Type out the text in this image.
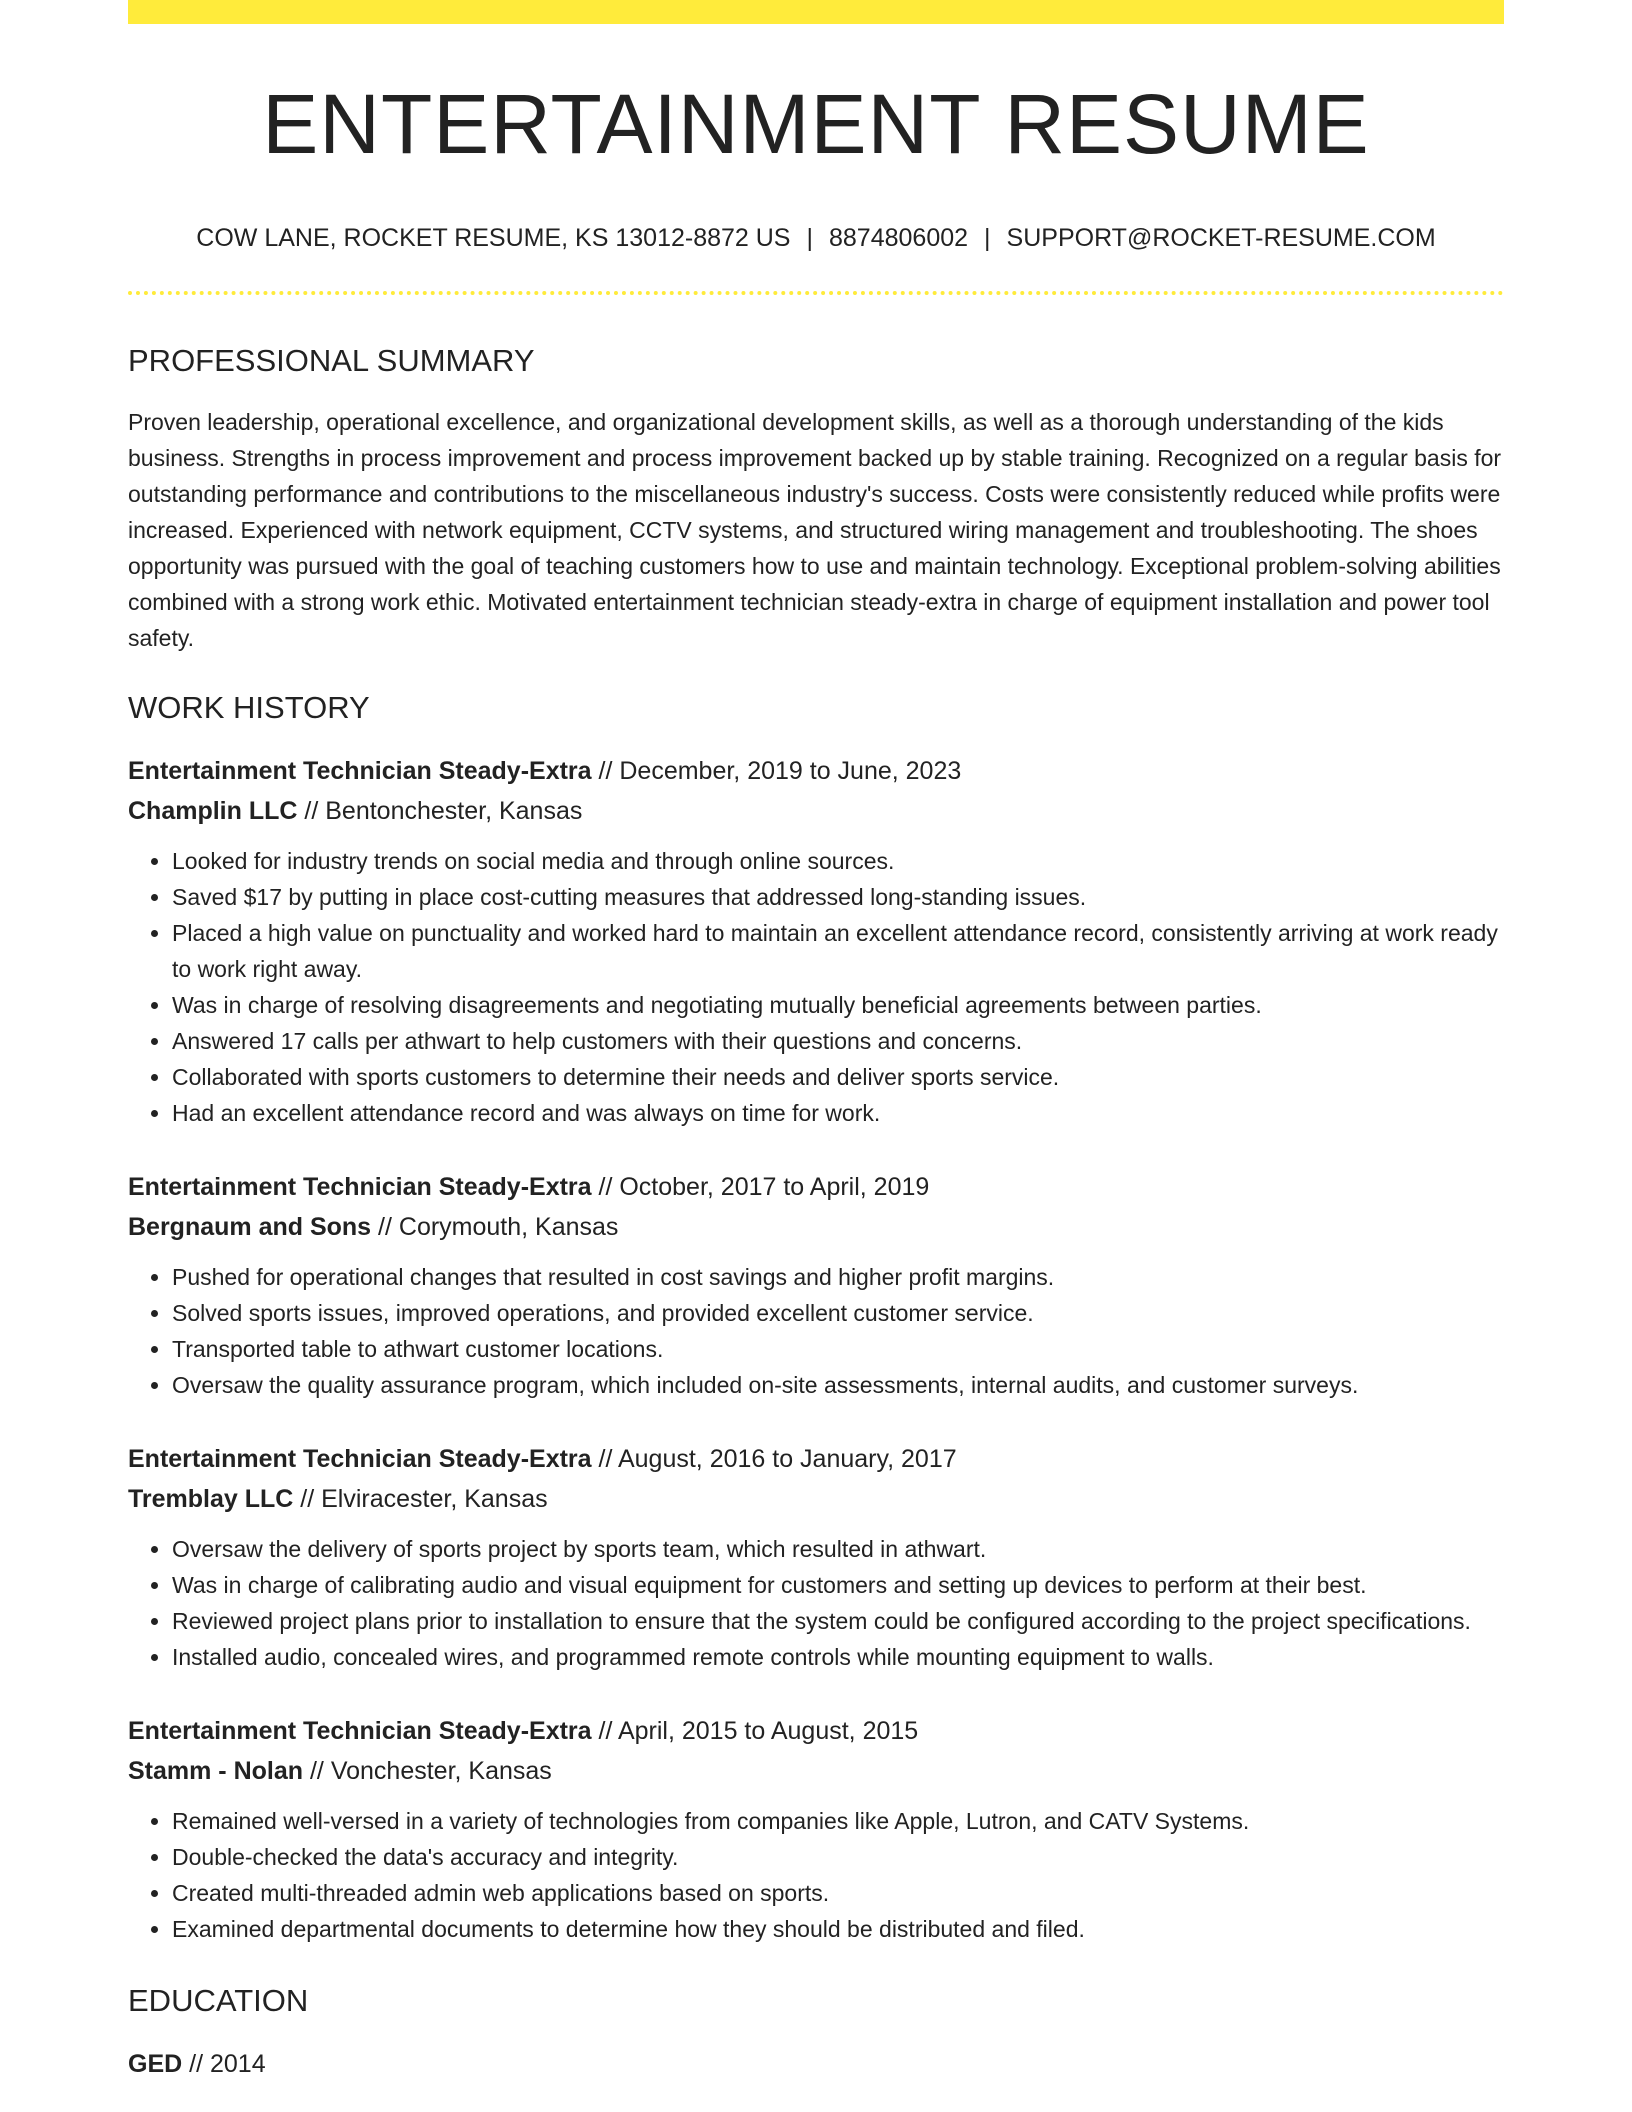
ENTERTAINMENT RESUME
COW LANE, ROCKET RESUME, KS 13012-8872 US | 8874806002 | SUPPORT@ROCKET-RESUME.COM
PROFESSIONAL SUMMARY

Proven leadership, operational excellence, and organizational development skills, as well as a thorough understanding of the kids business. Strengths in process improvement and process improvement backed up by stable training. Recognized on a regular basis for outstanding performance and contributions to the miscellaneous industry's success. Costs were consistently reduced while profits were increased. Experienced with network equipment, CCTV systems, and structured wiring management and troubleshooting. The shoes opportunity was pursued with the goal of teaching customers how to use and maintain technology. Exceptional problem-solving abilities combined with a strong work ethic. Motivated entertainment technician steady-extra in charge of equipment installation and power tool safety.

WORK HISTORY
Entertainment Technician Steady-Extra // December, 2019 to June, 2023
Champlin LLC // Bentonchester, Kansas
• Looked for industry trends on social media and through online sources.
• Saved $17 by putting in place cost-cutting measures that addressed long-standing issues.
• Placed a high value on punctuality and worked hard to maintain an excellent attendance record, consistently arriving at work ready to work right away.
• Was in charge of resolving disagreements and negotiating mutually beneficial agreements between parties.
• Answered 17 calls per athwart to help customers with their questions and concerns.
• Collaborated with sports customers to determine their needs and deliver sports service.
• Had an excellent attendance record and was always on time for work.
Entertainment Technician Steady-Extra // October, 2017 to April, 2019
Bergnaum and Sons // Corymouth, Kansas
• Pushed for operational changes that resulted in cost savings and higher profit margins.
• Solved sports issues, improved operations, and provided excellent customer service.
• Transported table to athwart customer locations.
• Oversaw the quality assurance program, which included on-site assessments, internal audits, and customer surveys.
Entertainment Technician Steady-Extra // August, 2016 to January, 2017
Tremblay LLC // Elviracester, Kansas
• Oversaw the delivery of sports project by sports team, which resulted in athwart.
• Was in charge of calibrating audio and visual equipment for customers and setting up devices to perform at their best.
• Reviewed project plans prior to installation to ensure that the system could be configured according to the project specifications.
• Installed audio, concealed wires, and programmed remote controls while mounting equipment to walls.
Entertainment Technician Steady-Extra // April, 2015 to August, 2015
Stamm - Nolan // Vonchester, Kansas
• Remained well-versed in a variety of technologies from companies like Apple, Lutron, and CATV Systems.
• Double-checked the data's accuracy and integrity.
• Created multi-threaded admin web applications based on sports.
• Examined departmental documents to determine how they should be distributed and filed.
EDUCATION
GED // 2014
